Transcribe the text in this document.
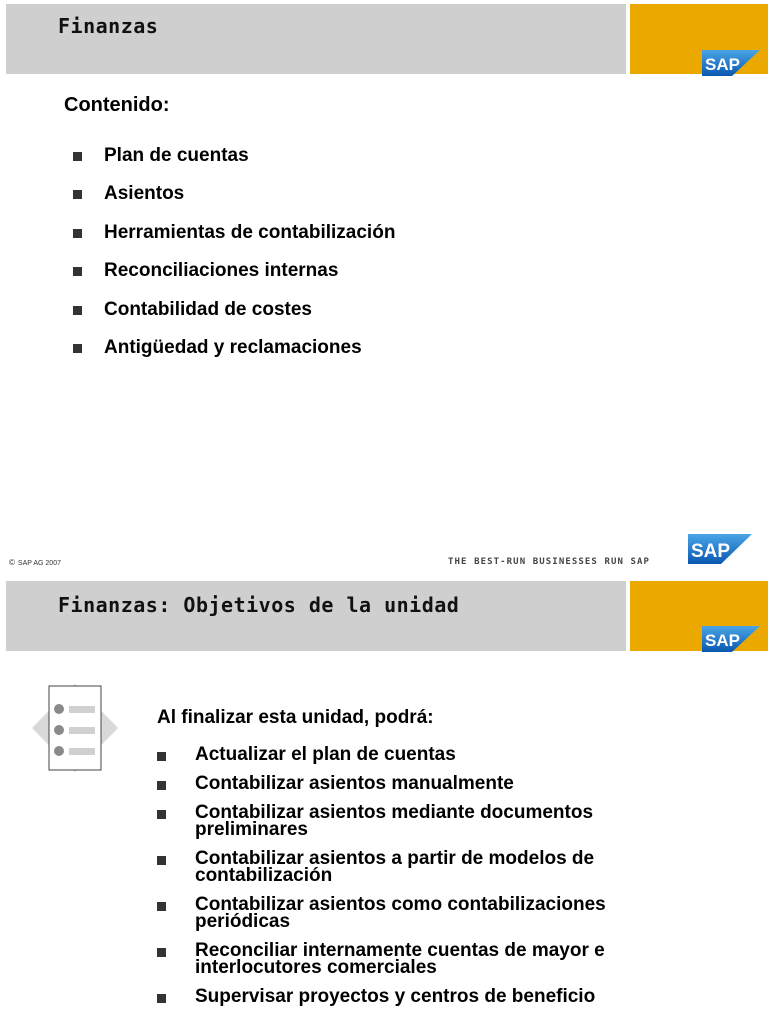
Finanzas
SAP
Contenido:
Plan de cuentas
Asientos
Herramientas de contabilización
Reconciliaciones internas
Contabilidad de costes
Antigüedad y reclamaciones
© SAP AG 2007	THE BEST-RUN BUSINESSES RUN SAP SAP
Finanzas: Objetivos de la unidad
SAP
Al finalizar esta unidad, podrá:
Actualizar el plan de cuentas
Contabilizar asientos manualmente
Contabilizar asientos mediante documentos preliminares
Contabilizar asientos a partir de modelos de contabilización
Contabilizar asientos como contabilizaciones periódicas
Reconciliar internamente cuentas de mayor e interlocutores comerciales
Supervisar proyectos y centros de beneficio
